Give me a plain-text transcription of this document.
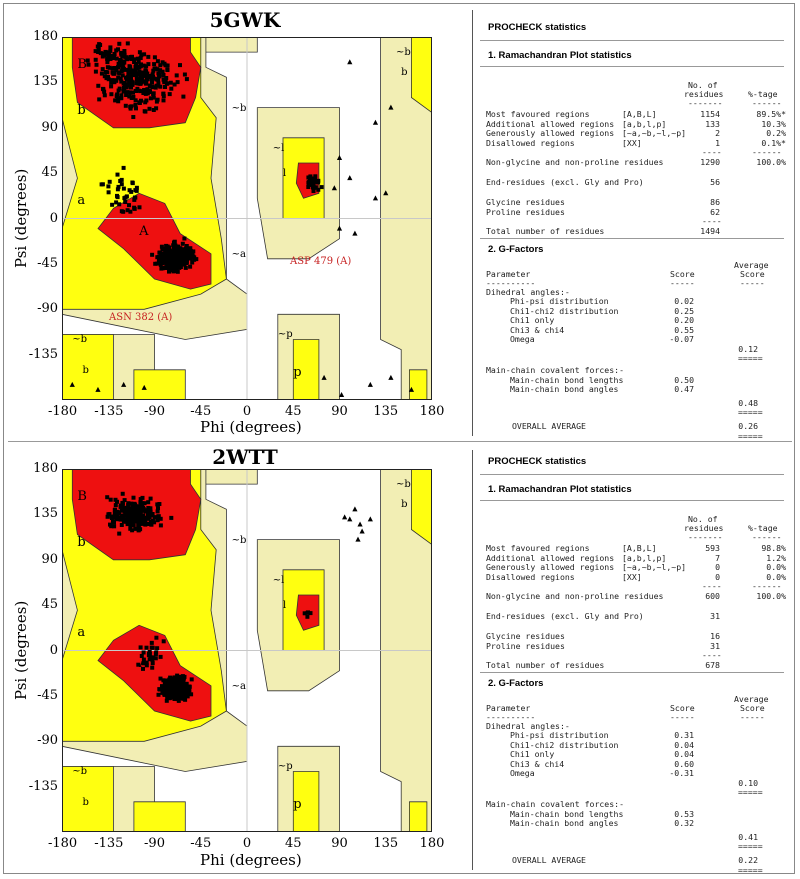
5GWK
-180 -135 -90 -45	0	45	90	135 180
180
135
90
45
0
-45
-90
-135
B
b
a
A
~a
~b
~l
l
p
~p
~b
b
~b
b
Phi (degrees)
Psi (degrees)	ASP 479 (A)
ASN 382 (A)
2WTT
-180 -135 -90 -45	0	45	90	135 180
180
135
90
45
0
-45
-90
-135
B
b
a
A
~a
~b
~l
l
p
~p
~b
b
~b
b
Phi (degrees)
Psi (degrees)
PROCHECK statistics
1. Ramachandran Plot statistics
No. of
residues	%-tage
-------	------
Most favoured regions	[A,B,L]	1154	89.5%*
Additional allowed regions [a,b,l,p]	133	10.3%
Generously allowed regions [~a,~b,~l,~p]	2	0.2%
Disallowed regions	[XX]	1	0.1%*
----	------
Non-glycine and non-proline residues	1290	100.0%
End-residues (excl. Gly and Pro)	56
Glycine residues	86
Proline residues	62
----
Total number of residues	1494
2. G-Factors
Average
Parameter	Score	Score
----------	-----	-----
Dihedral angles:-
Phi-psi distribution	0.02
Chi1-chi2 distribution	0.25
Chi1 only	0.20
Chi3 & chi4	0.55
Omega	-0.07
0.12
=====
Main-chain covalent forces:-
Main-chain bond lengths	0.50
Main-chain bond angles	0.47
0.48
=====
OVERALL AVERAGE	0.26
=====
PROCHECK statistics
1. Ramachandran Plot statistics
No. of
residues	%-tage
-------	------
Most favoured regions	[A,B,L]	593	98.8%
Additional allowed regions [a,b,l,p]	7	1.2%
Generously allowed regions [~a,~b,~l,~p]	0	0.0%
Disallowed regions	[XX]	0	0.0%
----	------
Non-glycine and non-proline residues	600	100.0%
End-residues (excl. Gly and Pro)	31
Glycine residues	16
Proline residues	31
----
Total number of residues	678
2. G-Factors
Average
Parameter	Score	Score
----------	-----	-----
Dihedral angles:-
Phi-psi distribution	0.31
Chi1-chi2 distribution	0.04
Chi1 only	0.04
Chi3 & chi4	0.60
Omega	-0.31
0.10
=====
Main-chain covalent forces:-
Main-chain bond lengths	0.53
Main-chain bond angles	0.32
0.41
=====
OVERALL AVERAGE	0.22
=====
